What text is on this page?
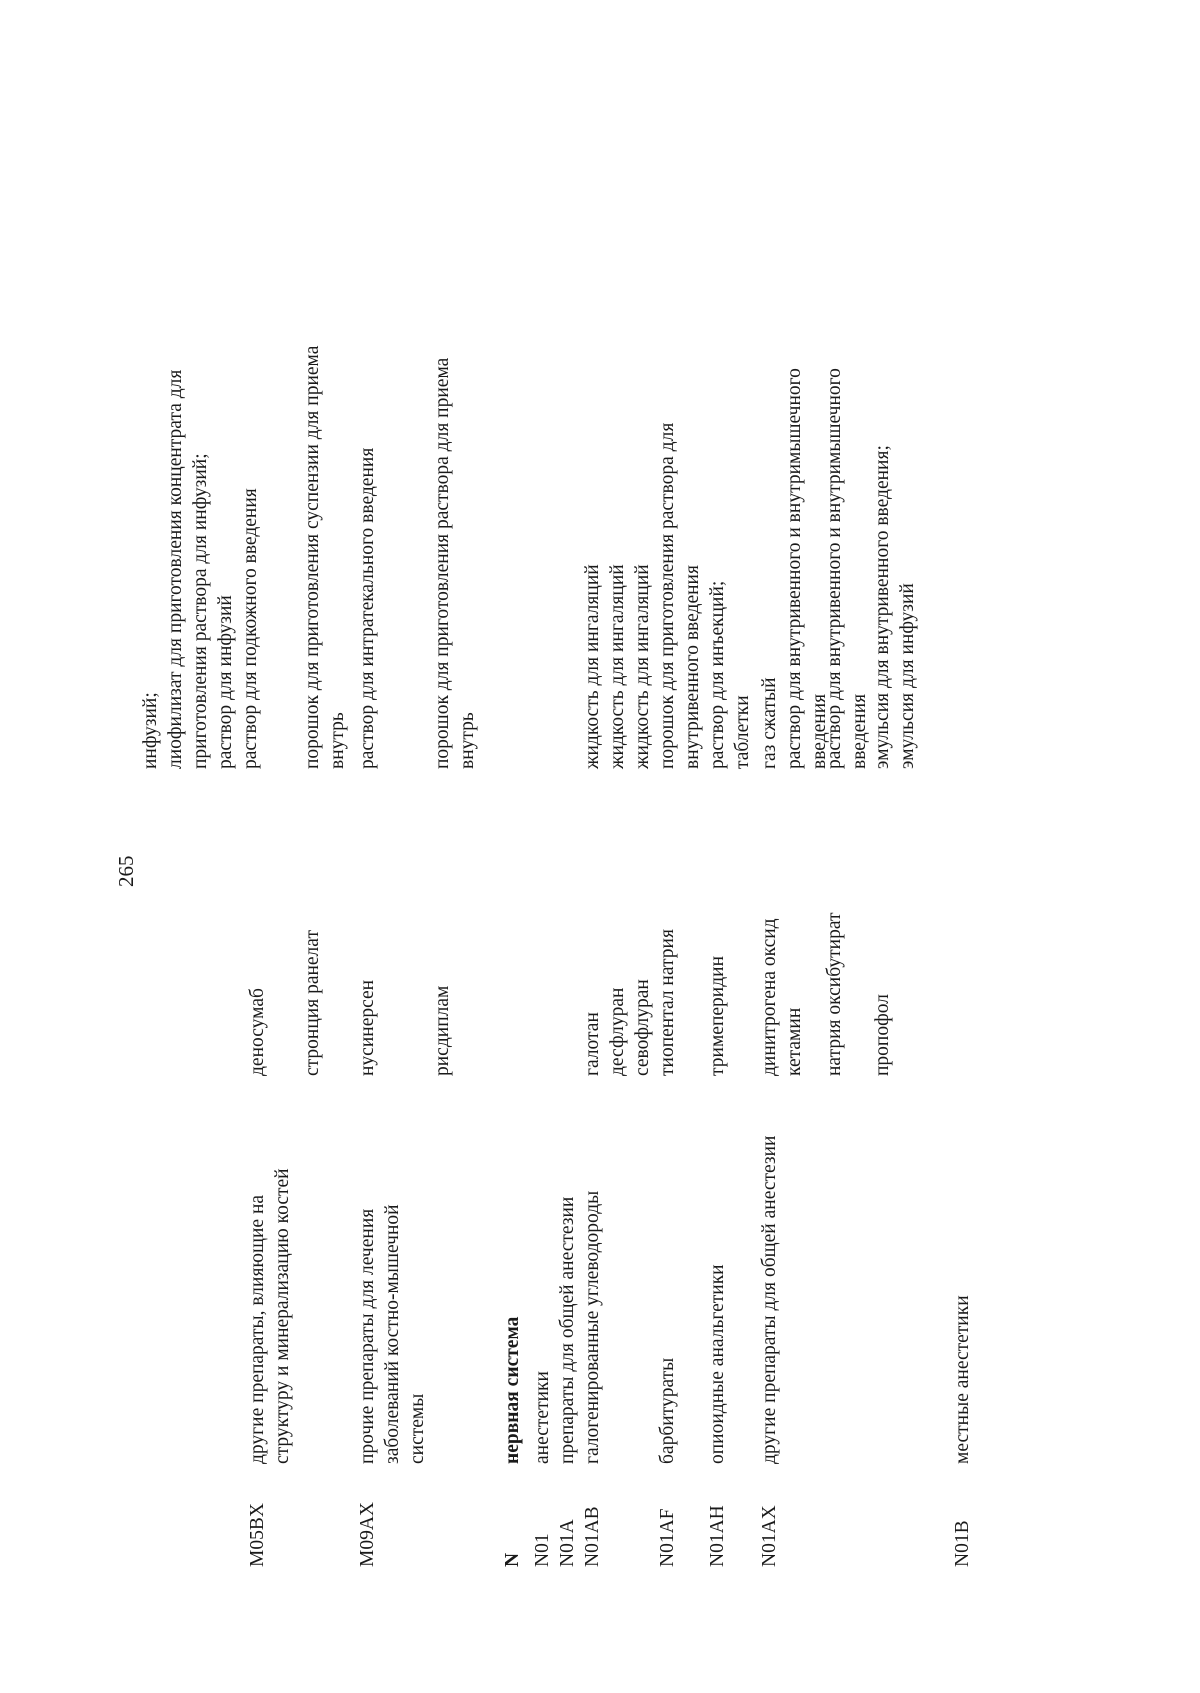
265
инфузий; лиофилизат для приготовления концентрата для приготовления раствора для инфузий; раствор для инфузий раствор для подкожного введения
M05BX
другие препараты, влияющие на структуру и минерализацию костей
деносумаб стронция ранелат
порошок для приготовления суспензии для приема внутрь
M09AX
прочие препараты для лечения заболеваний костно-мышечной системы
нусинерсен
раствор для интратекального введения
рисдиплам
порошок для приготовления раствора для приема внутрь
N
нервная система
N01
анестетики
N01A
препараты для общей анестезии
N01AB
галогенированные углеводороды
галотан десфлуран севофлуран
жидкость для ингаляций жидкость для ингаляций жидкость для ингаляций
N01AF
барбитураты
тиопентал натрия
порошок для приготовления раствора для внутривенного введения
N01AH
опиоидные анальгетики
тримеперидин
раствор для инъекций; таблетки
N01AX
другие препараты для общей анестезии
динитрогена оксид кетамин
газ сжатый раствор для внутривенного и внутримышечного введения
натрия оксибутират
раствор для внутривенного и внутримышечного введения
пропофол
эмульсия для внутривенного введения; эмульсия для инфузий
N01B
местные анестетики
